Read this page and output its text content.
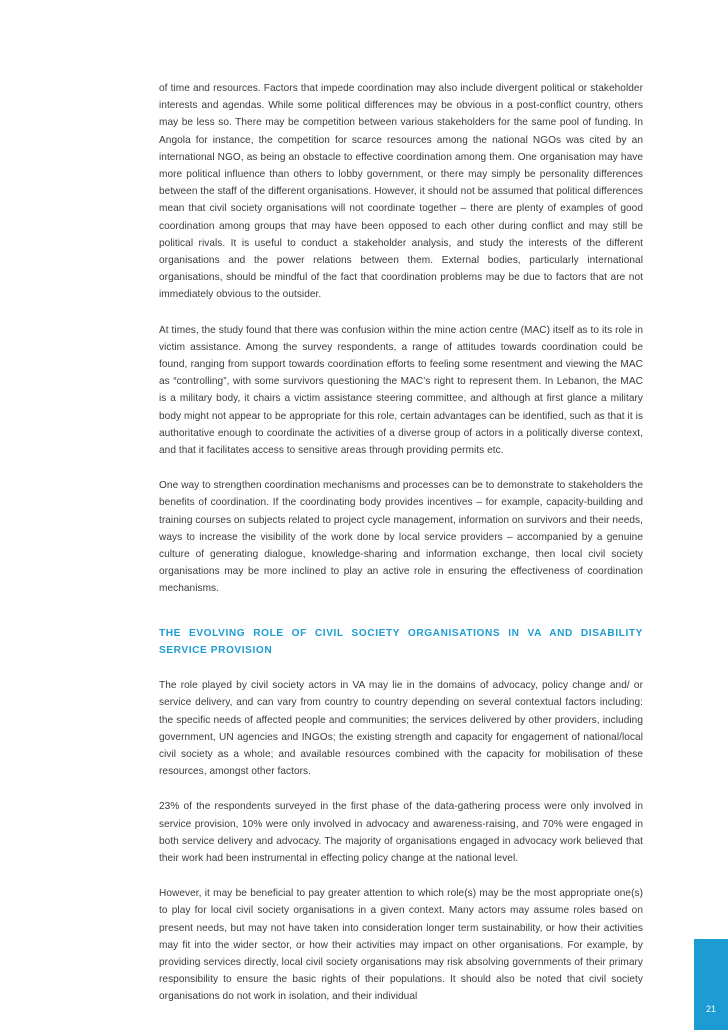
of time and resources. Factors that impede coordination may also include divergent political or stakeholder interests and agendas. While some political differences may be obvious in a post-conflict country, others may be less so. There may be competition between various stakeholders for the same pool of funding. In Angola for instance, the competition for scarce resources among the national NGOs was cited by an international NGO, as being an obstacle to effective coordination among them. One organisation may have more political influence than others to lobby government, or there may simply be personality differences between the staff of the different organisations. However, it should not be assumed that political differences mean that civil society organisations will not coordinate together – there are plenty of examples of good coordination among groups that may have been opposed to each other during conflict and may still be political rivals. It is useful to conduct a stakeholder analysis, and study the interests of the different organisations and the power relations between them. External bodies, particularly international organisations, should be mindful of the fact that coordination problems may be due to factors that are not immediately obvious to the outsider.

At times, the study found that there was confusion within the mine action centre (MAC) itself as to its role in victim assistance. Among the survey respondents, a range of attitudes towards coordination could be found, ranging from support towards coordination efforts to feeling some resentment and viewing the MAC as “controlling”, with some survivors questioning the MAC’s right to represent them. In Lebanon, the MAC is a military body, it chairs a victim assistance steering committee, and although at first glance a military body might not appear to be appropriate for this role, certain advantages can be identified, such as that it is authoritative enough to coordinate the activities of a diverse group of actors in a politically diverse context, and that it facilitates access to sensitive areas through providing permits etc.

One way to strengthen coordination mechanisms and processes can be to demonstrate to stakeholders the benefits of coordination. If the coordinating body provides incentives – for example, capacity-building and training courses on subjects related to project cycle management, information on survivors and their needs, ways to increase the visibility of the work done by local service providers – accompanied by a genuine culture of generating dialogue, knowledge-sharing and information exchange, then local civil society organisations may be more inclined to play an active role in ensuring the effectiveness of coordination mechanisms.

THE EVOLVING ROLE OF CIVIL SOCIETY ORGANISATIONS IN VA AND DISABILITY SERVICE PROVISION

The role played by civil society actors in VA may lie in the domains of advocacy, policy change and/ or service delivery, and can vary from country to country depending on several contextual factors including: the specific needs of affected people and communities; the services delivered by other providers, including government, UN agencies and INGOs; the existing strength and capacity for engagement of national/local civil society as a whole; and available resources combined with the capacity for mobilisation of these resources, amongst other factors.

23% of the respondents surveyed in the first phase of the data-gathering process were only involved in service provision, 10% were only involved in advocacy and awareness-raising, and 70% were engaged in both service delivery and advocacy. The majority of organisations engaged in advocacy work believed that their work had been instrumental in effecting policy change at the national level.

However, it may be beneficial to pay greater attention to which role(s) may be the most appropriate one(s) to play for local civil society organisations in a given context. Many actors may assume roles based on present needs, but may not have taken into consideration longer term sustainability, or how their activities may fit into the wider sector, or how their activities may impact on other organisations. For example, by providing services directly, local civil society organisations may risk absolving governments of their primary responsibility to ensure the basic rights of their populations. It should also be noted that civil society organisations do not work in isolation, and their individual

21
